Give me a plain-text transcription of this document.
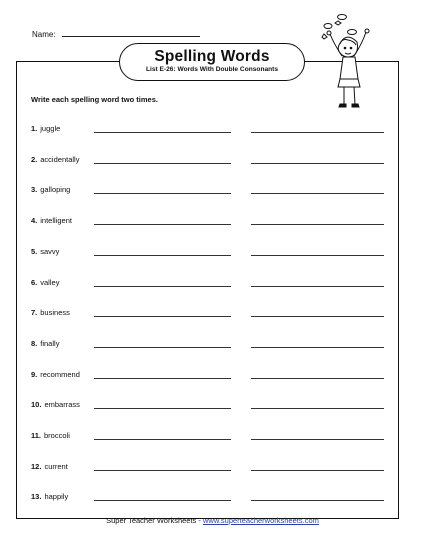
Name:
Spelling Words
List E-26: Words With Double Consonants
Write each spelling word two times.
1. juggle
2. accidentally
3. galloping
4. intelligent
5. savvy
6. valley
7. business
8. finally
9. recommend
10. embarrass
11. broccoli
12. current
13. happily
Super Teacher Worksheets - www.superteacherworksheets.com
